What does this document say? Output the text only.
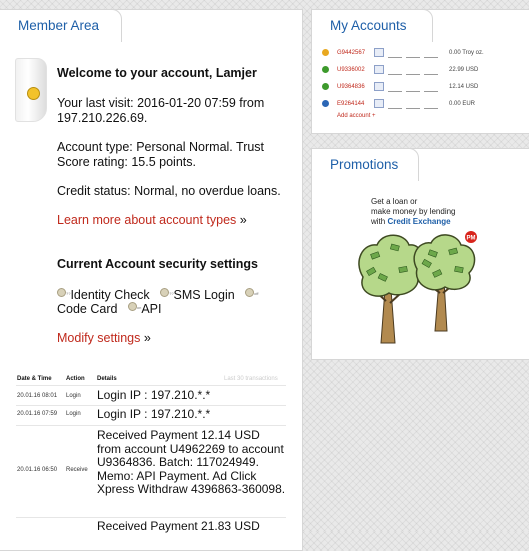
Member Area
Welcome to your account, Lamjer
Your last visit: 2016-01-20 07:59 from 197.210.226.69.
Account type: Personal Normal. Trust Score rating: 15.5 points.
Credit status: Normal, no overdue loans.
Learn more about account types »
Current Account security settings
??Identity Check	??SMS Login	$^{off}$
Code Card	$^{on}$API
Modify settings »
Date & Time Action Details	Last 30 transactions
20.01.16 08:01 Login Login IP : 197.210.*.*
20.01.16 07:59 Login Login IP : 197.210.*.*
20.01.16 06:50 Receive
Received Payment 12.14 USD from account U4962269 to account U9364836. Batch: 117024949. Memo: API Payment. Ad Click Xpress Withdraw 4396863-360098.
Received Payment 21.83 USD
My Accounts
G9442567	0.00 Troy oz.
U9336002	22.99 USD
U9364836	12.14 USD
E9264144	0.00 EUR
Add account +
Promotions
Get a loan or
make money by lending
with Credit Exchange
PM
